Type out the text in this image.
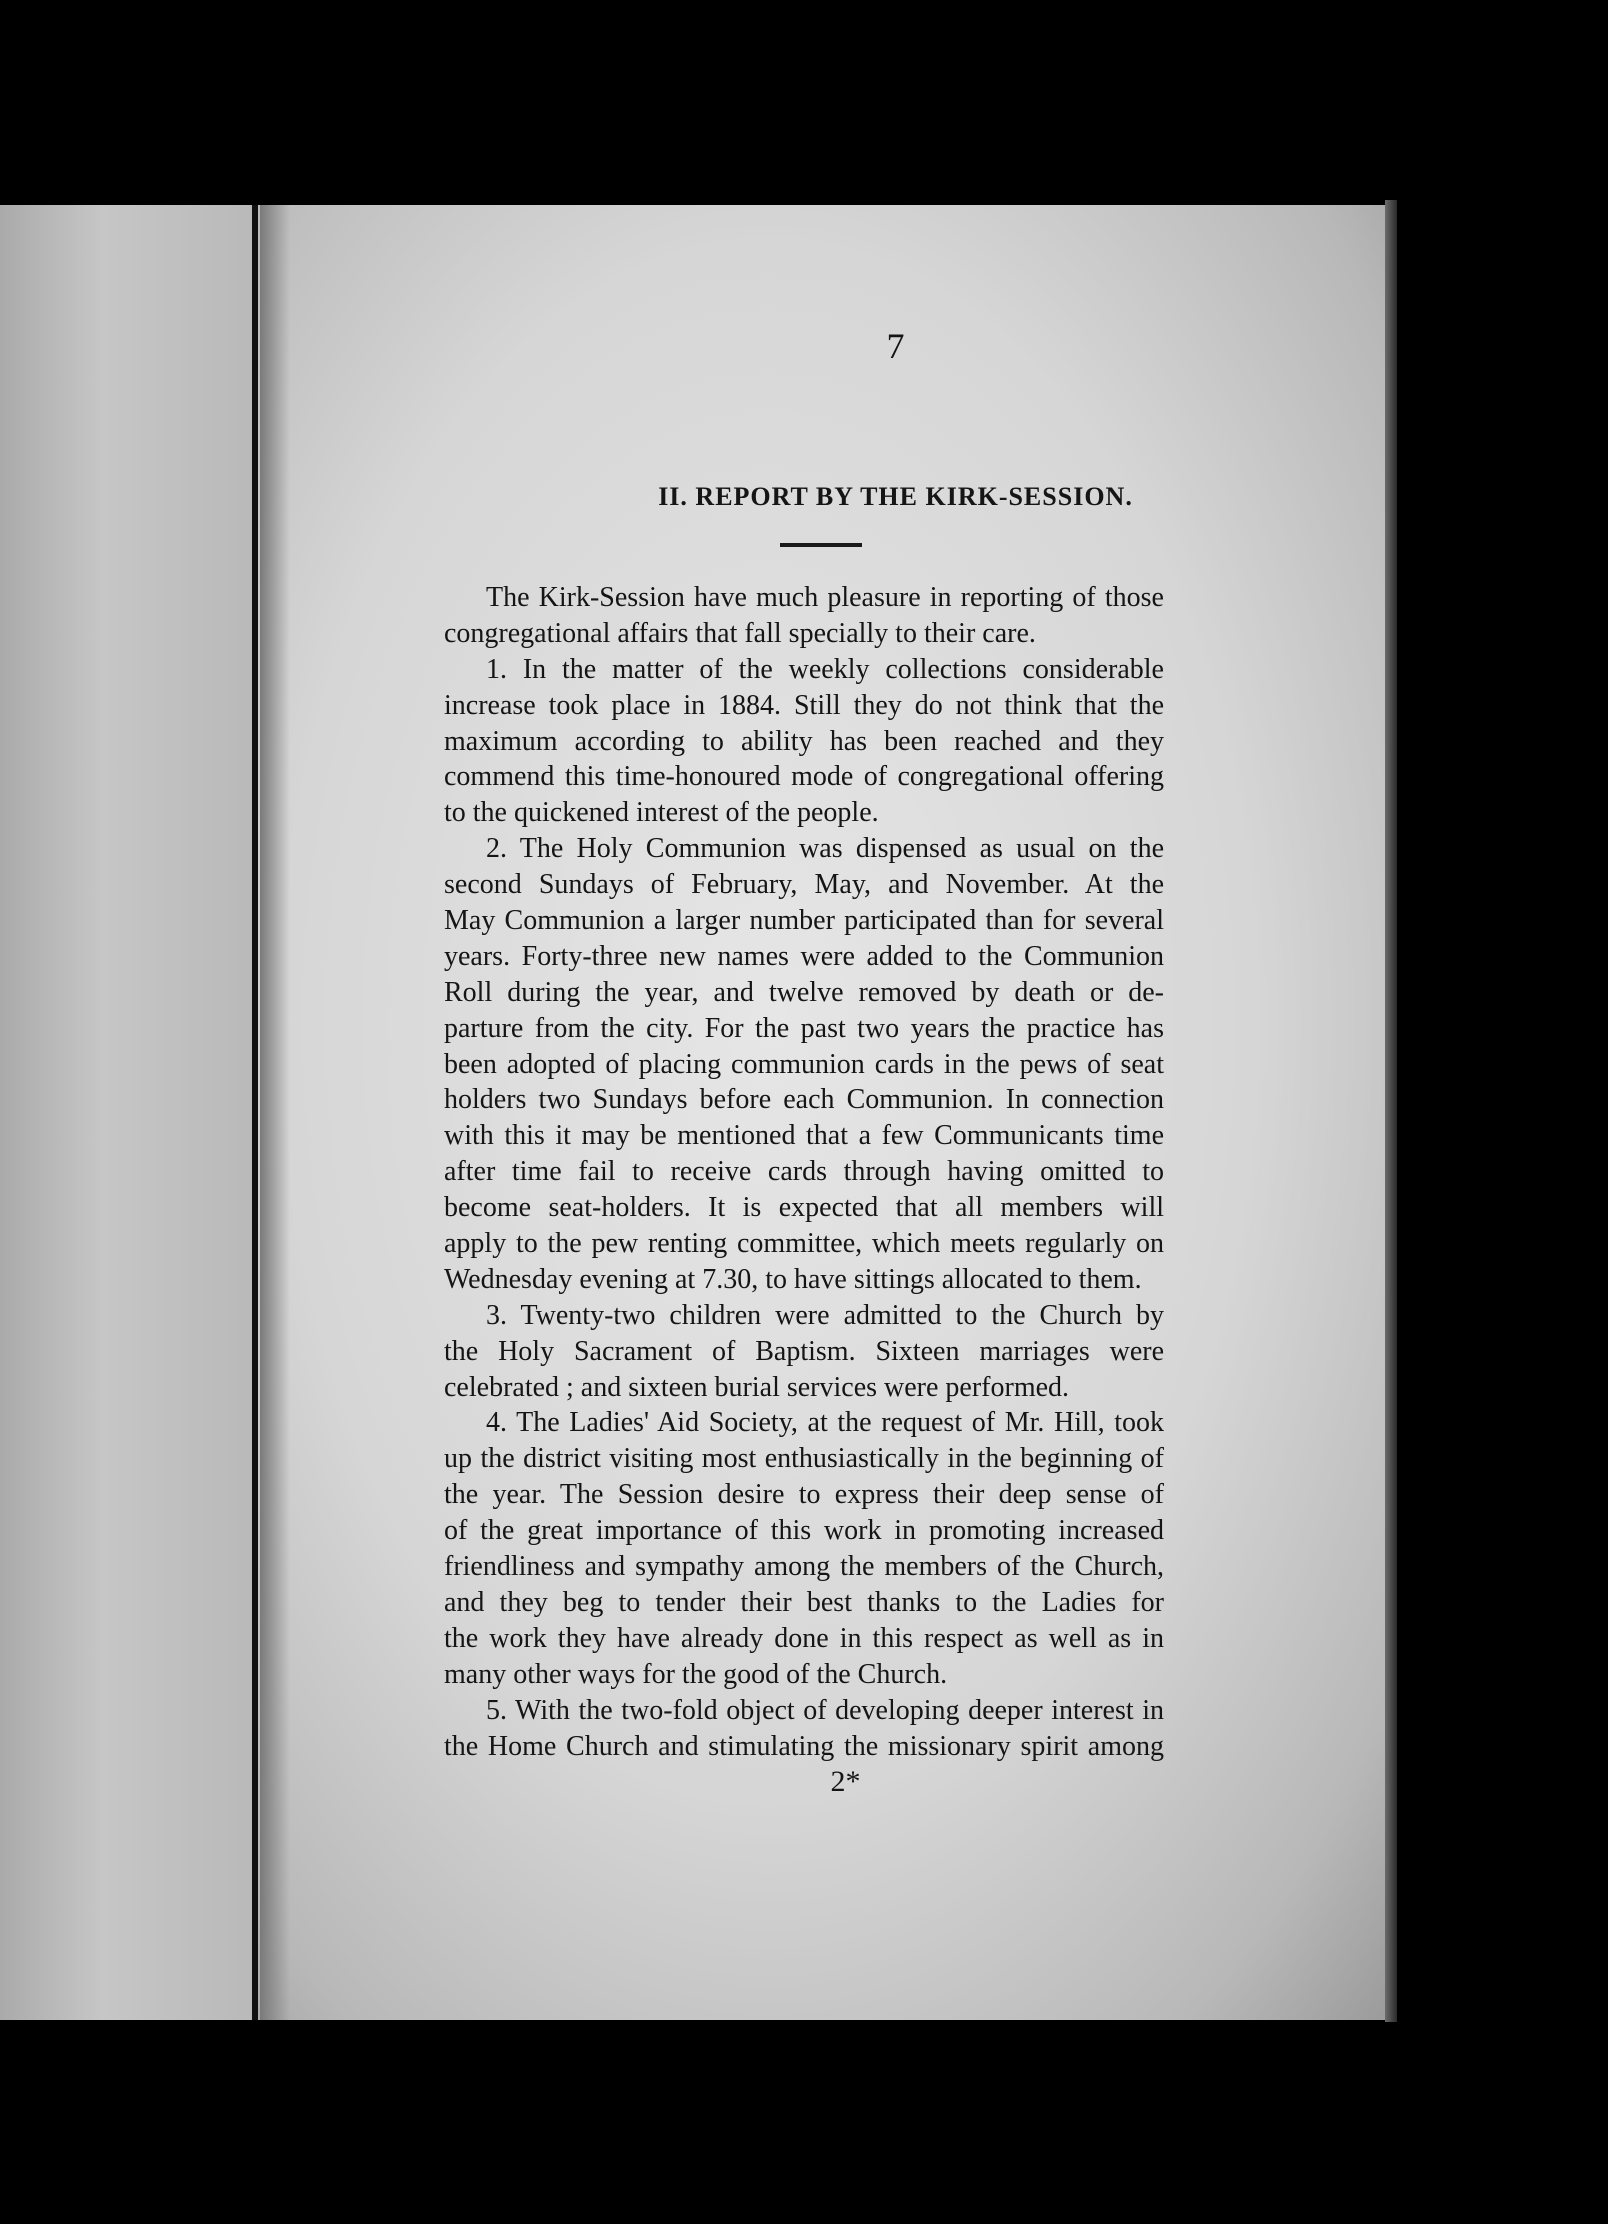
7
II. REPORT BY THE KIRK-SESSION.
The Kirk-Session have much pleasure in reporting of those
congregational affairs that fall specially to their care.
1. In the matter of the weekly collections considerable
increase took place in 1884. Still they do not think that the
maximum according to ability has been reached and they
commend this time-honoured mode of congregational offering
to the quickened interest of the people.
2. The Holy Communion was dispensed as usual on the
second Sundays of February, May, and November. At the
May Communion a larger number participated than for several
years. Forty-three new names were added to the Communion
Roll during the year, and twelve removed by death or de-
parture from the city. For the past two years the practice has
been adopted of placing communion cards in the pews of seat
holders two Sundays before each Communion. In connection
with this it may be mentioned that a few Communicants time
after time fail to receive cards through having omitted to
become seat-holders. It is expected that all members will
apply to the pew renting committee, which meets regularly on
Wednesday evening at 7.30, to have sittings allocated to them.
3. Twenty-two children were admitted to the Church by
the Holy Sacrament of Baptism. Sixteen marriages were
celebrated ; and sixteen burial services were performed.
4. The Ladies' Aid Society, at the request of Mr. Hill, took
up the district visiting most enthusiastically in the beginning of
the year. The Session desire to express their deep sense of
of the great importance of this work in promoting increased
friendliness and sympathy among the members of the Church,
and they beg to tender their best thanks to the Ladies for
the work they have already done in this respect as well as in
many other ways for the good of the Church.
5. With the two-fold object of developing deeper interest in
the Home Church and stimulating the missionary spirit among
2*
